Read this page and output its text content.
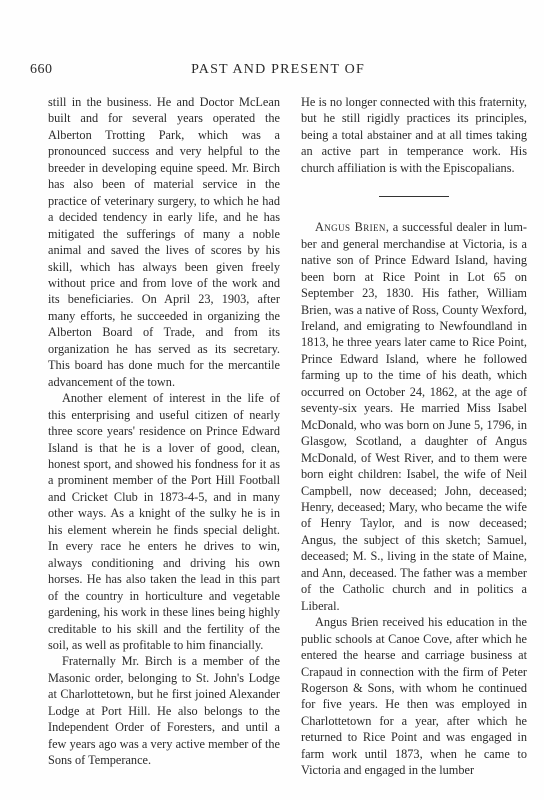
660	PAST AND PRESENT OF

still in the business. He and Doctor McLean built and for several years operated the Alberton Trotting Park, which was a pronounced success and very helpful to the breeder in developing equine speed. Mr. Birch has also been of material service in the practice of veterinary surgery, to which he had a decided tendency in early life, and he has mitigated the sufferings of many a noble animal and saved the lives of scores by his skill, which has always been given freely without price and from love of the work and its beneficiaries. On April 23, 1903, after many efforts, he succeeded in organizing the Alberton Board of Trade, and from its organization he has served as its secretary. This board has done much for the mercantile advancement of the town.

Another element of interest in the life of this enterprising and useful citizen of nearly three score years' residence on Prince Edward Island is that he is a lover of good, clean, honest sport, and showed his fondness for it as a prominent member of the Port Hill Football and Cricket Club in 1873-4-5, and in many other ways. As a knight of the sulky he is in his element wherein he finds special delight. In every race he enters he drives to win, always conditioning and driving his own horses. He has also taken the lead in this part of the country in horticulture and vegetable gardening, his work in these lines being highly creditable to his skill and the fertility of the soil, as well as profitable to him financially.

Fraternally Mr. Birch is a member of the Masonic order, belonging to St. John's Lodge at Charlottetown, but he first joined Alexander Lodge at Port Hill. He also belongs to the Independent Order of Foresters, and until a few years ago was a very active member of the Sons of Temperance.

He is no longer connected with this fraternity, but he still rigidly practices its principles, being a total abstainer and at all times taking an active part in temperance work. His church affiliation is with the Episcopalians.

Angus Brien, a successful dealer in lumber and general merchandise at Victoria, is a native son of Prince Edward Island, having been born at Rice Point in Lot 65 on September 23, 1830. His father, William Brien, was a native of Ross, County Wexford, Ireland, and emigrating to Newfoundland in 1813, he three years later came to Rice Point, Prince Edward Island, where he followed farming up to the time of his death, which occurred on October 24, 1862, at the age of seventy-six years. He married Miss Isabel McDonald, who was born on June 5, 1796, in Glasgow, Scotland, a daughter of Angus McDonald, of West River, and to them were born eight children: Isabel, the wife of Neil Campbell, now deceased; John, deceased; Henry, deceased; Mary, who became the wife of Henry Taylor, and is now deceased; Angus, the subject of this sketch; Samuel, deceased; M. S., living in the state of Maine, and Ann, deceased. The father was a member of the Catholic church and in politics a Liberal.

Angus Brien received his education in the public schools at Canoe Cove, after which he entered the hearse and carriage business at Crapaud in connection with the firm of Peter Rogerson & Sons, with whom he continued for five years. He then was employed in Charlottetown for a year, after which he returned to Rice Point and was engaged in farm work until 1873, when he came to Victoria and engaged in the lumber
